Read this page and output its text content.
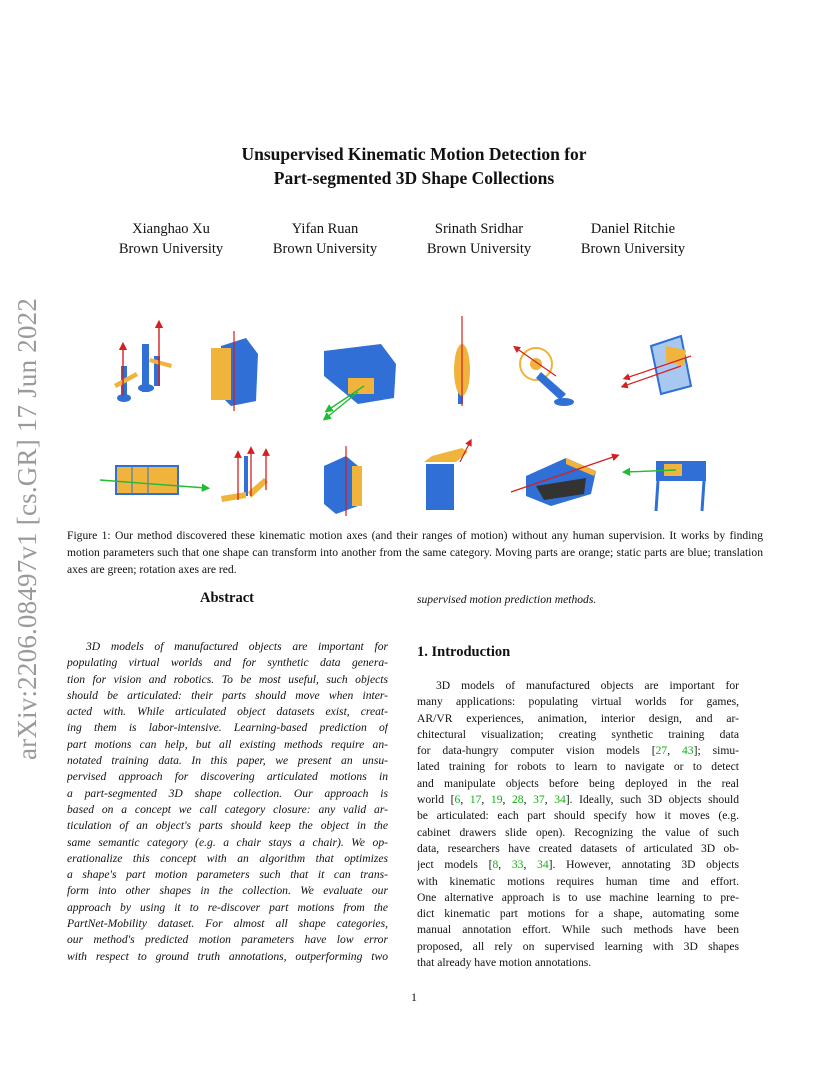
Unsupervised Kinematic Motion Detection for
Part-segmented 3D Shape Collections
Xianghao Xu
Brown University
Yifan Ruan
Brown University
Srinath Sridhar
Brown University
Daniel Ritchie
Brown University
arXiv:2206.08497v1 [cs.GR] 17 Jun 2022 Figure 1: Our method discovered these kinematic motion axes (and their ranges of motion) without any human supervision. It works by finding motion parameters such that one shape can transform into another from the same category. Moving parts are orange; static parts are blue; translation axes are green; rotation axes are red.
Abstract
3D models of manufactured objects are important for
populating virtual worlds and for synthetic data genera-
tion for vision and robotics. To be most useful, such objects
should be articulated: their parts should move when inter-
acted with. While articulated object datasets exist, creat-
ing them is labor-intensive. Learning-based prediction of
part motions can help, but all existing methods require an-
notated training data. In this paper, we present an unsu-
pervised approach for discovering articulated motions in
a part-segmented 3D shape collection. Our approach is
based on a concept we call category closure: any valid ar-
ticulation of an object's parts should keep the object in the
same semantic category (e.g. a chair stays a chair). We op-
erationalize this concept with an algorithm that optimizes
a shape's part motion parameters such that it can trans-
form into other shapes in the collection. We evaluate our
approach by using it to re-discover part motions from the
PartNet-Mobility dataset. For almost all shape categories,
our method's predicted motion parameters have low error
with respect to ground truth annotations, outperforming two
supervised motion prediction methods.
1. Introduction
3D models of manufactured objects are important for
many applications: populating virtual worlds for games,
AR/VR experiences, animation, interior design, and ar-
chitectural visualization; creating synthetic training data
for data-hungry computer vision models [27, 43]; simu-
lated training for robots to learn to navigate or to detect
and manipulate objects before being deployed in the real
world [6, 17, 19, 28, 37, 34]. Ideally, such 3D objects should
be articulated: each part should specify how it moves (e.g.
cabinet drawers slide open). Recognizing the value of such
data, researchers have created datasets of articulated 3D ob-
ject models [8, 33, 34]. However, annotating 3D objects
with kinematic motions requires human time and effort.
One alternative approach is to use machine learning to pre-
dict kinematic part motions for a shape, automating some
manual annotation effort. While such methods have been
proposed, all rely on supervised learning with 3D shapes
that already have motion annotations.
1
